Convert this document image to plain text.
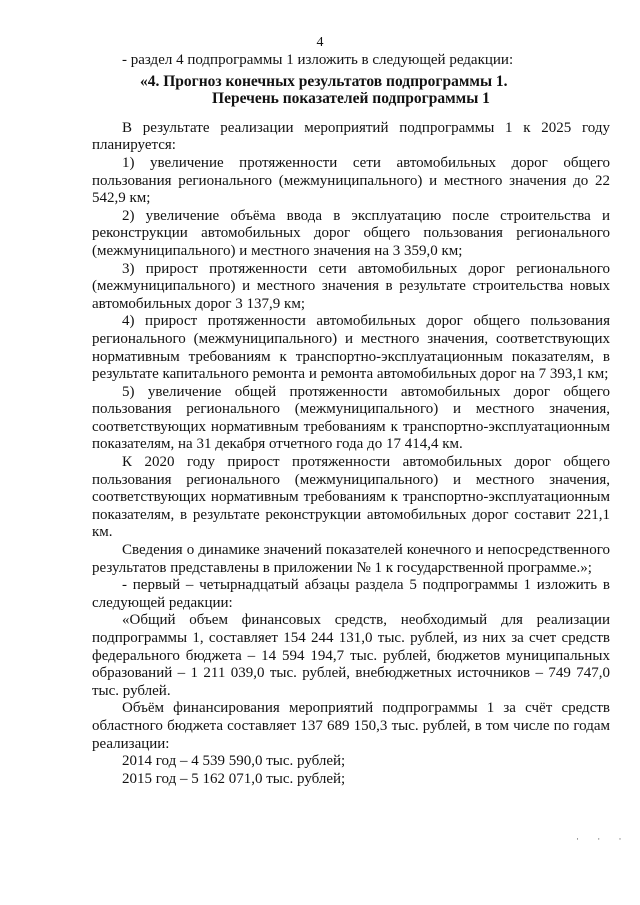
4

- раздел 4 подпрограммы 1 изложить в следующей редакции:

«4. Прогноз конечных результатов подпрограммы 1.

Перечень показателей подпрограммы 1

В результате реализации мероприятий подпрограммы 1 к 2025 году планируется:

1) увеличение протяженности сети автомобильных дорог общего пользования регионального (межмуниципального) и местного значения до 22 542,9 км;

2) увеличение объёма ввода в эксплуатацию после строительства и реконструкции автомобильных дорог общего пользования регионального (межмуниципального) и местного значения на 3 359,0 км;

3) прирост протяженности сети автомобильных дорог регионального (межмуниципального) и местного значения в результате строительства новых автомобильных дорог 3 137,9 км;

4) прирост протяженности автомобильных дорог общего пользования регионального (межмуниципального) и местного значения, соответствующих нормативным требованиям к транспортно-эксплуатационным показателям, в результате капитального ремонта и ремонта автомобильных дорог на 7 393,1 км;

5) увеличение общей протяженности автомобильных дорог общего пользования регионального (межмуниципального) и местного значения, соответствующих нормативным требованиям к транспортно-эксплуатационным показателям, на 31 декабря отчетного года до 17 414,4 км.

К 2020 году прирост протяженности автомобильных дорог общего пользования регионального (межмуниципального) и местного значения, соответствующих нормативным требованиям к транспортно-эксплуатационным показателям, в результате реконструкции автомобильных дорог составит 221,1 км.

Сведения о динамике значений показателей конечного и непосредственного результатов представлены в приложении № 1 к государственной программе.»;

- первый – четырнадцатый абзацы раздела 5 подпрограммы 1 изложить в следующей редакции:

«Общий объем финансовых средств, необходимый для реализации подпрограммы 1, составляет 154 244 131,0 тыс. рублей, из них за счет средств федерального бюджета – 14 594 194,7 тыс. рублей, бюджетов муниципальных образований – 1 211 039,0 тыс. рублей, внебюджетных источников – 749 747,0 тыс. рублей.

Объём финансирования мероприятий подпрограммы 1 за счёт средств областного бюджета составляет 137 689 150,3 тыс. рублей, в том числе по годам реализации:

2014 год – 4 539 590,0 тыс. рублей;

2015 год – 5 162 071,0 тыс. рублей;

· · ·
